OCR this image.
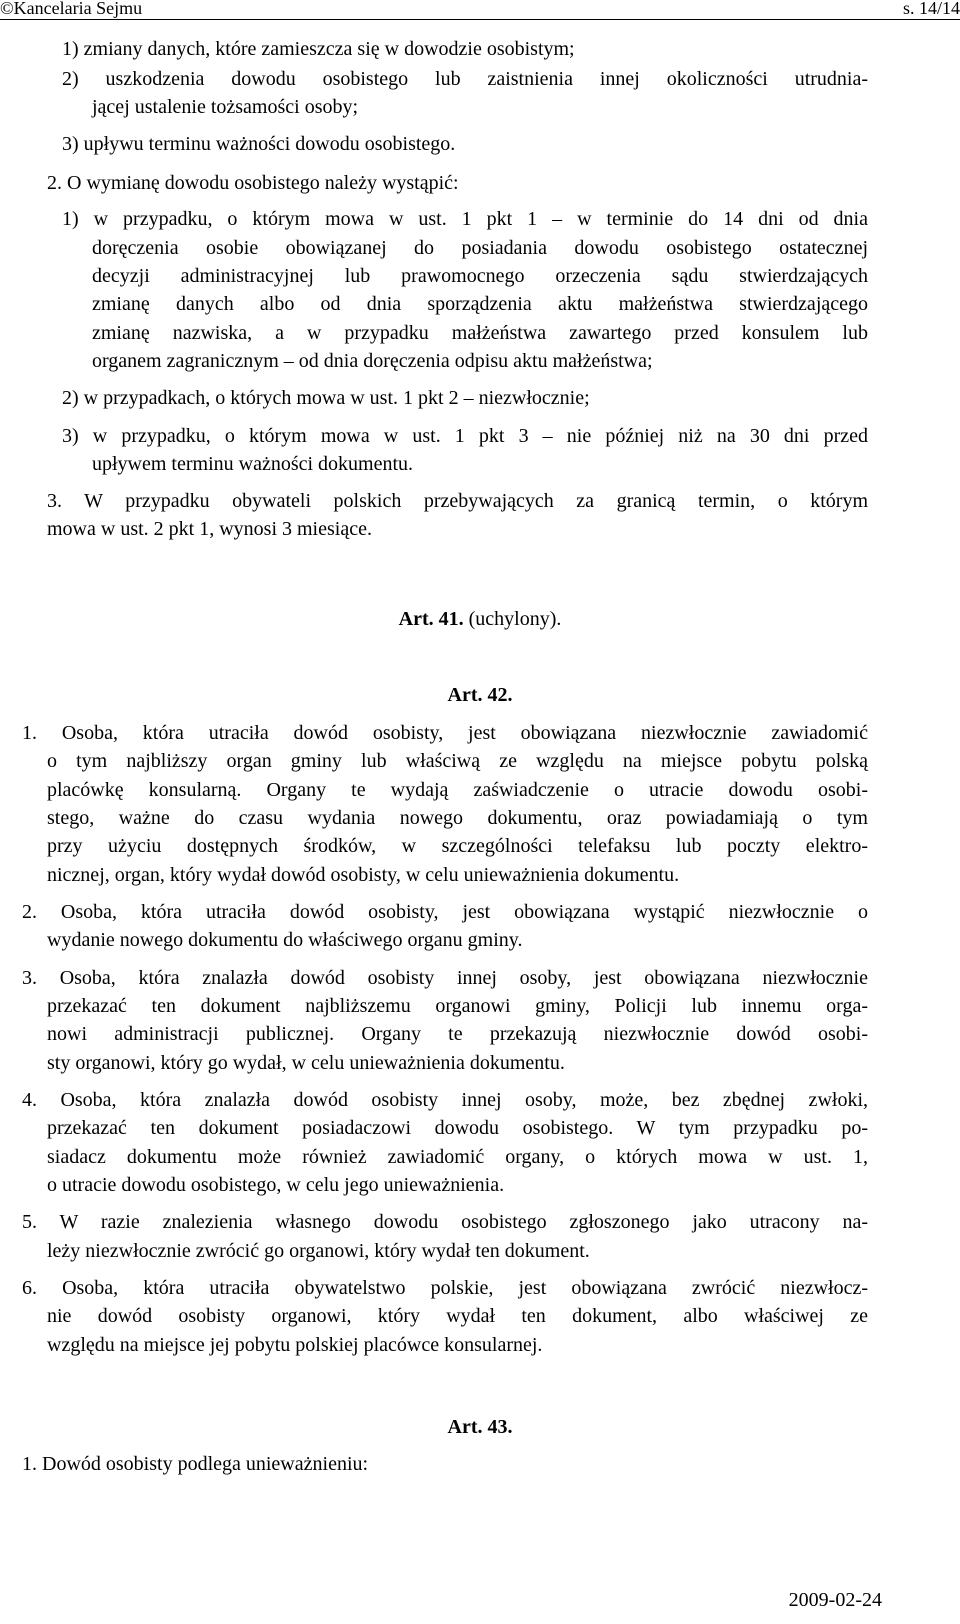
©Kancelaria Sejmu	s. 14/14
1) zmiany danych, które zamieszcza się w dowodzie osobistym;
2) uszkodzenia dowodu osobistego lub zaistnienia innej okoliczności utrudnia-
jącej ustalenie tożsamości osoby;
3) upływu terminu ważności dowodu osobistego.
2. O wymianę dowodu osobistego należy wystąpić:
1) w przypadku, o którym mowa w ust. 1 pkt 1 – w terminie do 14 dni od dnia
doręczenia osobie obowiązanej do posiadania dowodu osobistego ostatecznej
decyzji administracyjnej lub prawomocnego orzeczenia sądu stwierdzających
zmianę danych albo od dnia sporządzenia aktu małżeństwa stwierdzającego
zmianę nazwiska, a w przypadku małżeństwa zawartego przed konsulem lub
organem zagranicznym – od dnia doręczenia odpisu aktu małżeństwa;
2) w przypadkach, o których mowa w ust. 1 pkt 2 – niezwłocznie;
3) w przypadku, o którym mowa w ust. 1 pkt 3 – nie później niż na 30 dni przed
upływem terminu ważności dokumentu.
3. W przypadku obywateli polskich przebywających za granicą termin, o którym
mowa w ust. 2 pkt 1, wynosi 3 miesiące.
Art. 41. (uchylony).
Art. 42.
1. Osoba, która utraciła dowód osobisty, jest obowiązana niezwłocznie zawiadomić
o tym najbliższy organ gminy lub właściwą ze względu na miejsce pobytu polską
placówkę konsularną. Organy te wydają zaświadczenie o utracie dowodu osobi-
stego, ważne do czasu wydania nowego dokumentu, oraz powiadamiają o tym
przy użyciu dostępnych środków, w szczególności telefaksu lub poczty elektro-
nicznej, organ, który wydał dowód osobisty, w celu unieważnienia dokumentu.
2. Osoba, która utraciła dowód osobisty, jest obowiązana wystąpić niezwłocznie o
wydanie nowego dokumentu do właściwego organu gminy.
3. Osoba, która znalazła dowód osobisty innej osoby, jest obowiązana niezwłocznie
przekazać ten dokument najbliższemu organowi gminy, Policji lub innemu orga-
nowi administracji publicznej. Organy te przekazują niezwłocznie dowód osobi-
sty organowi, który go wydał, w celu unieważnienia dokumentu.
4. Osoba, która znalazła dowód osobisty innej osoby, może, bez zbędnej zwłoki,
przekazać ten dokument posiadaczowi dowodu osobistego. W tym przypadku po-
siadacz dokumentu może również zawiadomić organy, o których mowa w ust. 1,
o utracie dowodu osobistego, w celu jego unieważnienia.
5. W razie znalezienia własnego dowodu osobistego zgłoszonego jako utracony na-
leży niezwłocznie zwrócić go organowi, który wydał ten dokument.
6. Osoba, która utraciła obywatelstwo polskie, jest obowiązana zwrócić niezwłocz-
nie dowód osobisty organowi, który wydał ten dokument, albo właściwej ze
względu na miejsce jej pobytu polskiej placówce konsularnej.
Art. 43.
1. Dowód osobisty podlega unieważnieniu:
2009-02-24
